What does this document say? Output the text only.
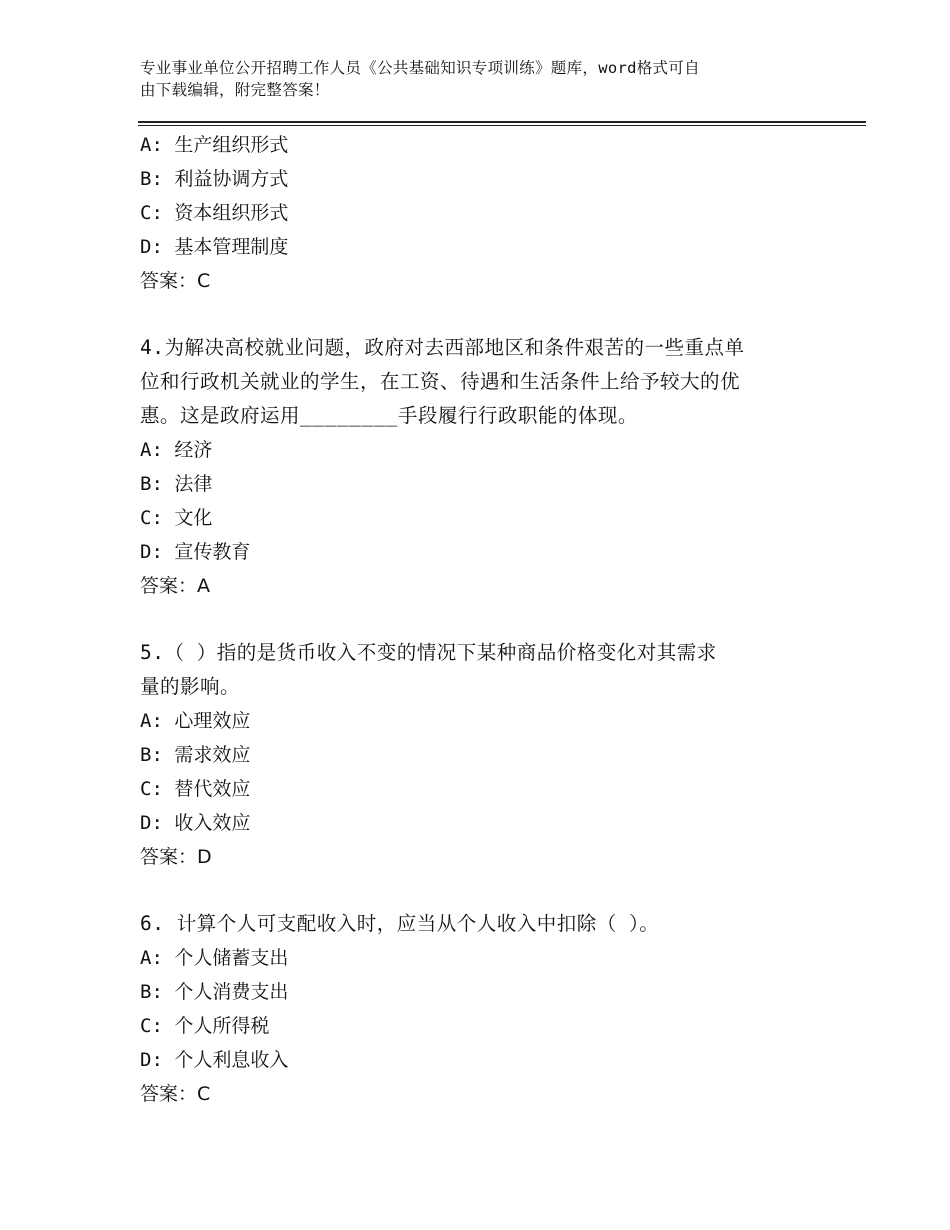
专业事业单位公开招聘工作人员《公共基础知识专项训练》题库，word格式可自
由下载编辑，附完整答案！
A: 生产组织形式
B: 利益协调方式
C: 资本组织形式
D: 基本管理制度
答案：C
4.为解决高校就业问题，政府对去西部地区和条件艰苦的一些重点单
位和行政机关就业的学生，在工资、待遇和生活条件上给予较大的优
惠。这是政府运用________手段履行行政职能的体现。
A: 经济
B: 法律
C: 文化
D: 宣传教育
答案：A
5.（ ）指的是货币收入不变的情况下某种商品价格变化对其需求
量的影响。
A: 心理效应
B: 需求效应
C: 替代效应
D: 收入效应
答案：D
6. 计算个人可支配收入时，应当从个人收入中扣除（ ）。
A: 个人储蓄支出
B: 个人消费支出
C: 个人所得税
D: 个人利息收入
答案：C
